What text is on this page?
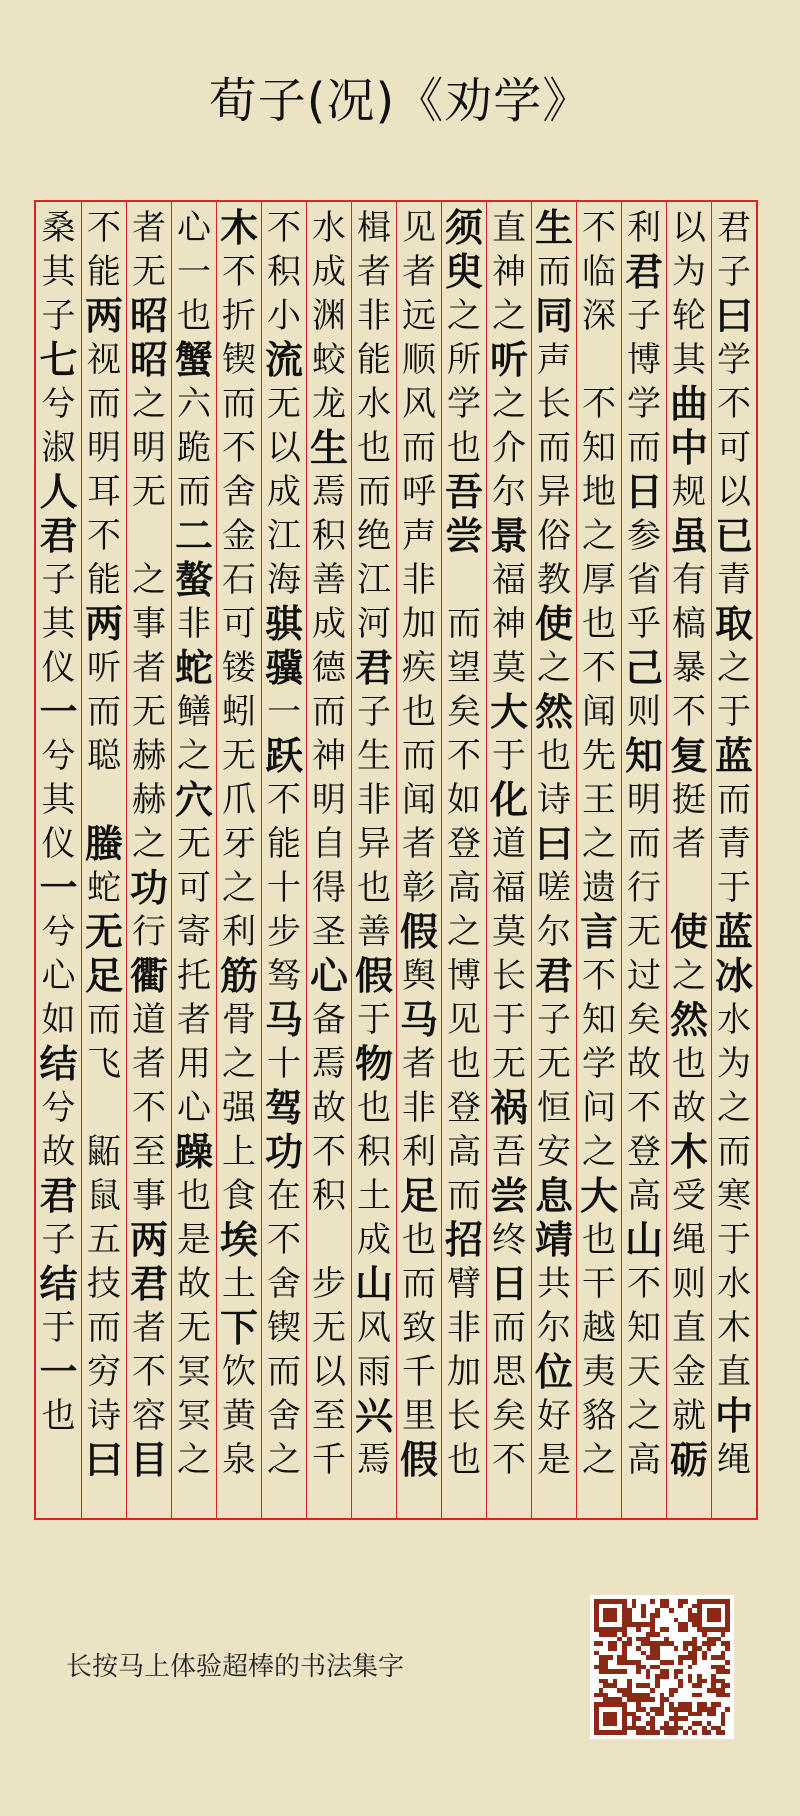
荀子(况)《劝学》
君
子
曰
学
不
可
以
已
青
取
之
于
蓝
而
青
于
蓝
冰
水
为
之
而
寒
于
水
木
直
中
绳
以
为
轮
其
曲
中
规
虽
有
槁
暴
不
复
挺
者
使
之
然
也
故
木
受
绳
则
直
金
就
砺
利
君
子
博
学
而
日
参
省
乎
己
则
知
明
而
行
无
过
矣
故
不
登
高
山
不
知
天
之
高
不
临
深
不
知
地
之
厚
也
不
闻
先
王
之
遗
言
不
知
学
问
之
大
也
干
越
夷
貉
之
生
而
同
声
长
而
异
俗
教
使
之
然
也
诗
曰
嗟
尔
君
子
无
恒
安
息
靖
共
尔
位
好
是
直
神
之
听
之
介
尔
景
福
神
莫
大
于
化
道
福
莫
长
于
无
祸
吾
尝
终
日
而
思
矣
不
须
臾
之
所
学
也
吾
尝
而
望
矣
不
如
登
高
之
博
见
也
登
高
而
招
臂
非
加
长
也
见
者
远
顺
风
而
呼
声
非
加
疾
也
而
闻
者
彰
假
舆
马
者
非
利
足
也
而
致
千
里
假
楫
者
非
能
水
也
而
绝
江
河
君
子
生
非
异
也
善
假
于
物
也
积
土
成
山
风
雨
兴
焉
水
成
渊
蛟
龙
生
焉
积
善
成
德
而
神
明
自
得
圣
心
备
焉
故
不
积
步
无
以
至
千
不
积
小
流
无
以
成
江
海
骐
骥
一
跃
不
能
十
步
驽
马
十
驾
功
在
不
舍
锲
而
舍
之
木
不
折
锲
而
不
舍
金
石
可
镂
蚓
无
爪
牙
之
利
筋
骨
之
强
上
食
埃
土
下
饮
黄
泉
心
一
也
蟹
六
跪
而
二
螯
非
蛇
鳝
之
穴
无
可
寄
托
者
用
心
躁
也
是
故
无
冥
冥
之
者
无
昭
昭
之
明
无
之
事
者
无
赫
赫
之
功
行
衢
道
者
不
至
事
两
君
者
不
容
目
不
能
两
视
而
明
耳
不
能
两
听
而
聪
螣
蛇
无
足
而
飞
鼫
鼠
五
技
而
穷
诗
曰
桑
其
子
七
兮
淑
人
君
子
其
仪
一
兮
其
仪
一
兮
心
如
结
兮
故
君
子
结
于
一
也
长按马上体验超棒的书法集字
